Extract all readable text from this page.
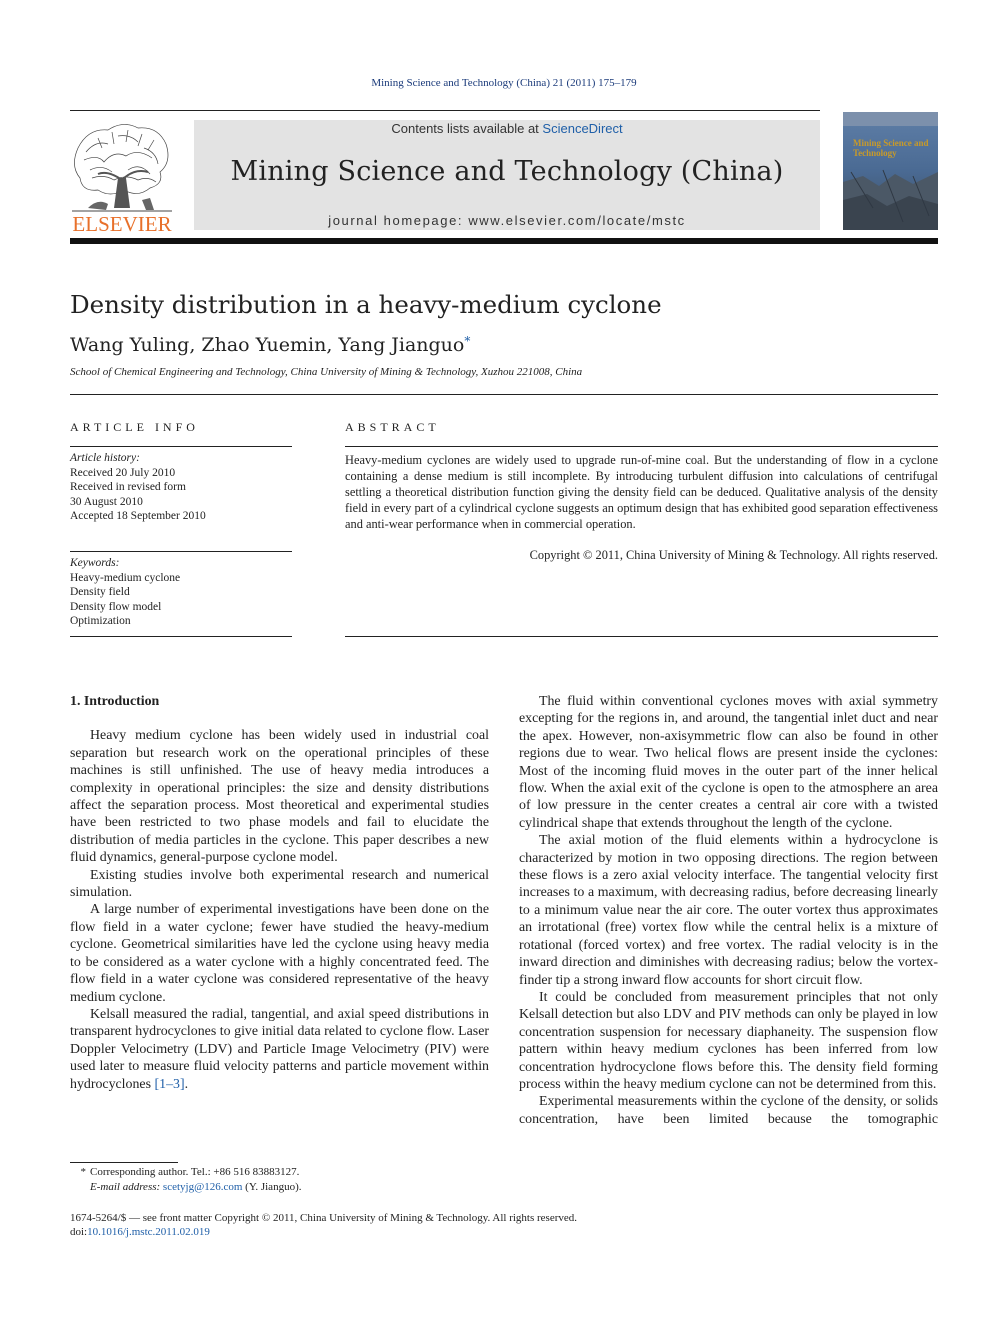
Mining Science and Technology (China) 21 (2011) 175–179
ELSEVIER
Contents lists available at ScienceDirect
Mining Science and Technology (China)
journal homepage: www.elsevier.com/locate/mstc
Mining Science and Technology
Density distribution in a heavy-medium cyclone
Wang Yuling, Zhao Yuemin, Yang Jianguo*
School of Chemical Engineering and Technology, China University of Mining & Technology, Xuzhou 221008, China
ARTICLE INFO	ABSTRACT
Article history:
Received 20 July 2010
Received in revised form
30 August 2010
Accepted 18 September 2010
Keywords:
Heavy-medium cyclone
Density field
Density flow model
Optimization
Heavy-medium cyclones are widely used to upgrade run-of-mine coal. But the understanding of flow in a cyclone containing a dense medium is still incomplete. By introducing turbulent diffusion into calculations of centrifugal settling a theoretical distribution function giving the density field can be deduced. Qualitative analysis of the density field in every part of a cylindrical cyclone suggests an optimum design that has exhibited good separation effectiveness and anti-wear performance when in commercial operation.
Copyright © 2011, China University of Mining & Technology. All rights reserved.
1. Introduction

Heavy medium cyclone has been widely used in industrial coal separation but research work on the operational principles of these machines is still unfinished. The use of heavy media introduces a complexity in operational principles: the size and density distributions affect the separation process. Most theoretical and experimental studies have been restricted to two phase models and fail to elucidate the distribution of media particles in the cyclone. This paper describes a new fluid dynamics, general-purpose cyclone model.

Existing studies involve both experimental research and numerical simulation.

A large number of experimental investigations have been done on the flow field in a water cyclone; fewer have studied the heavy-medium cyclone. Geometrical similarities have led the cyclone using heavy media to be considered as a water cyclone with a highly concentrated feed. The flow field in a water cyclone was considered representative of the heavy medium cyclone.

Kelsall measured the radial, tangential, and axial speed distributions in transparent hydrocyclones to give initial data related to cyclone flow. Laser Doppler Velocimetry (LDV) and Particle Image Velocimetry (PIV) were used later to measure fluid velocity patterns and particle movement within hydrocyclones [1–3].

The fluid within conventional cyclones moves with axial symmetry excepting for the regions in, and around, the tangential inlet duct and near the apex. However, non-axisymmetric flow can also be found in other regions due to wear. Two helical flows are present inside the cyclones: Most of the incoming fluid moves in the outer part of the inner helical flow. When the axial exit of the cyclone is open to the atmosphere an area of low pressure in the center creates a central air core with a twisted cylindrical shape that extends throughout the length of the cyclone.

The axial motion of the fluid elements within a hydrocyclone is characterized by motion in two opposing directions. The region between these flows is a zero axial velocity interface. The tangential velocity first increases to a maximum, with decreasing radius, before decreasing linearly to a minimum value near the air core. The outer vortex thus approximates an irrotational (free) vortex flow while the central helix is a mixture of rotational (forced vortex) and free vortex. The radial velocity is in the inward direction and diminishes with decreasing radius; below the vortex-finder tip a strong inward flow accounts for short circuit flow.

It could be concluded from measurement principles that not only Kelsall detection but also LDV and PIV methods can only be played in low concentration suspension for necessary diaphaneity. The suspension flow pattern within heavy medium cyclones has been inferred from low concentration hydrocyclone flows before this. The density field forming process within the heavy medium cyclone can not be determined from this.

Experimental measurements within the cyclone of the density, or solids concentration, have been limited because the tomographic

* Corresponding author. Tel.: +86 516 83883127.
E-mail address: scetyjg@126.com (Y. Jianguo).
1674-5264/$ — see front matter Copyright © 2011, China University of Mining & Technology. All rights reserved.
doi:10.1016/j.mstc.2011.02.019
